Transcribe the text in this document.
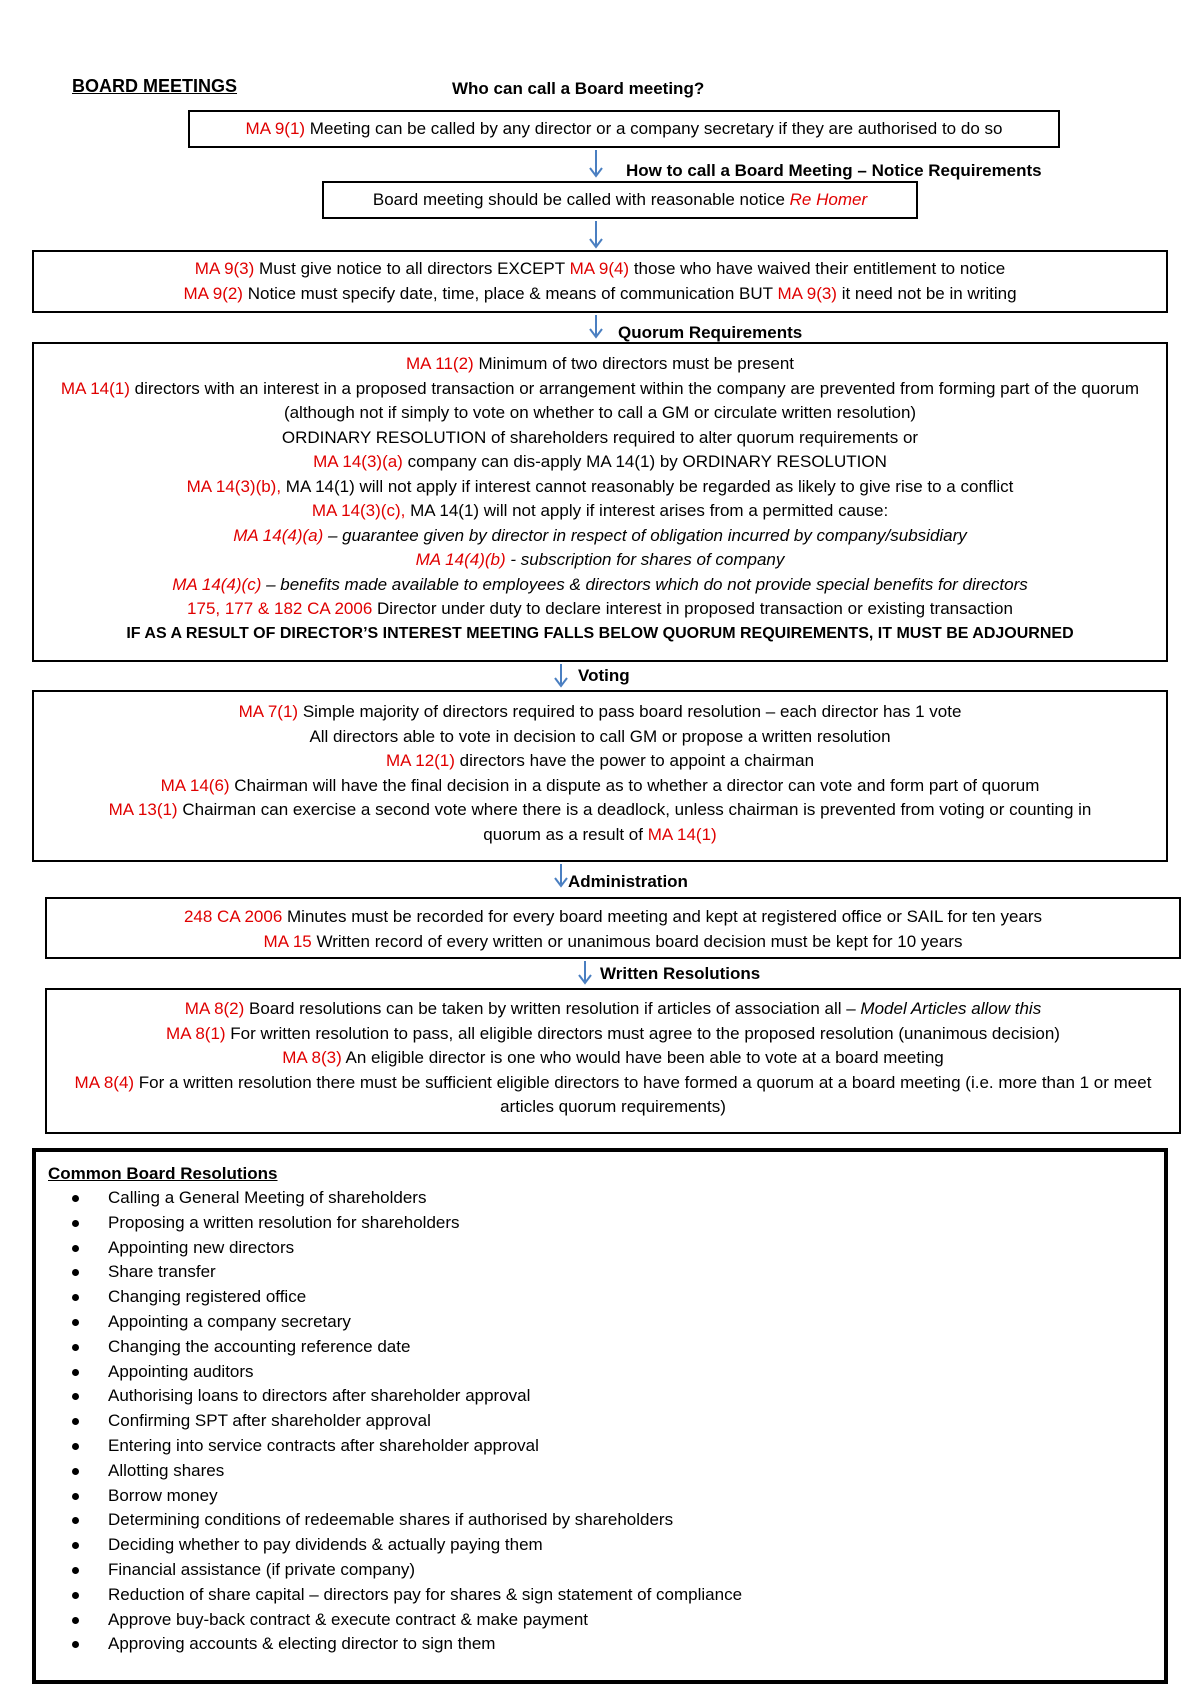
BOARD MEETINGS	Who can call a Board meeting?
MA 9(1) Meeting can be called by any director or a company secretary if they are authorised to do so
How to call a Board Meeting – Notice Requirements
Board meeting should be called with reasonable notice Re Homer
MA 9(3) Must give notice to all directors EXCEPT MA 9(4) those who have waived their entitlement to notice
MA 9(2) Notice must specify date, time, place & means of communication BUT MA 9(3) it need not be in writing
Quorum Requirements
MA 11(2) Minimum of two directors must be present
MA 14(1) directors with an interest in a proposed transaction or arrangement within the company are prevented from forming part of the quorum (although not if simply to vote on whether to call a GM or circulate written resolution)
ORDINARY RESOLUTION of shareholders required to alter quorum requirements or
MA 14(3)(a) company can dis-apply MA 14(1) by ORDINARY RESOLUTION
MA 14(3)(b), MA 14(1) will not apply if interest cannot reasonably be regarded as likely to give rise to a conflict
MA 14(3)(c), MA 14(1) will not apply if interest arises from a permitted cause:
MA 14(4)(a) – guarantee given by director in respect of obligation incurred by company/subsidiary
MA 14(4)(b) - subscription for shares of company
MA 14(4)(c) – benefits made available to employees & directors which do not provide special benefits for directors
175, 177 & 182 CA 2006 Director under duty to declare interest in proposed transaction or existing transaction
IF AS A RESULT OF DIRECTOR’S INTEREST MEETING FALLS BELOW QUORUM REQUIREMENTS, IT MUST BE ADJOURNED
Voting
MA 7(1) Simple majority of directors required to pass board resolution – each director has 1 vote
All directors able to vote in decision to call GM or propose a written resolution
MA 12(1) directors have the power to appoint a chairman
MA 14(6) Chairman will have the final decision in a dispute as to whether a director can vote and form part of quorum
MA 13(1) Chairman can exercise a second vote where there is a deadlock, unless chairman is prevented from voting or counting in quorum as a result of MA 14(1)
Administration
248 CA 2006 Minutes must be recorded for every board meeting and kept at registered office or SAIL for ten years
MA 15 Written record of every written or unanimous board decision must be kept for 10 years
Written Resolutions
MA 8(2) Board resolutions can be taken by written resolution if articles of association all – Model Articles allow this
MA 8(1) For written resolution to pass, all eligible directors must agree to the proposed resolution (unanimous decision)
MA 8(3) An eligible director is one who would have been able to vote at a board meeting
MA 8(4) For a written resolution there must be sufficient eligible directors to have formed a quorum at a board meeting (i.e. more than 1 or meet articles quorum requirements)
Common Board Resolutions
Calling a General Meeting of shareholders
Proposing a written resolution for shareholders
Appointing new directors
Share transfer
Changing registered office
Appointing a company secretary
Changing the accounting reference date
Appointing auditors
Authorising loans to directors after shareholder approval
Confirming SPT after shareholder approval
Entering into service contracts after shareholder approval
Allotting shares
Borrow money
Determining conditions of redeemable shares if authorised by shareholders
Deciding whether to pay dividends & actually paying them
Financial assistance (if private company)
Reduction of share capital – directors pay for shares & sign statement of compliance
Approve buy-back contract & execute contract & make payment
Approving accounts & electing director to sign them
